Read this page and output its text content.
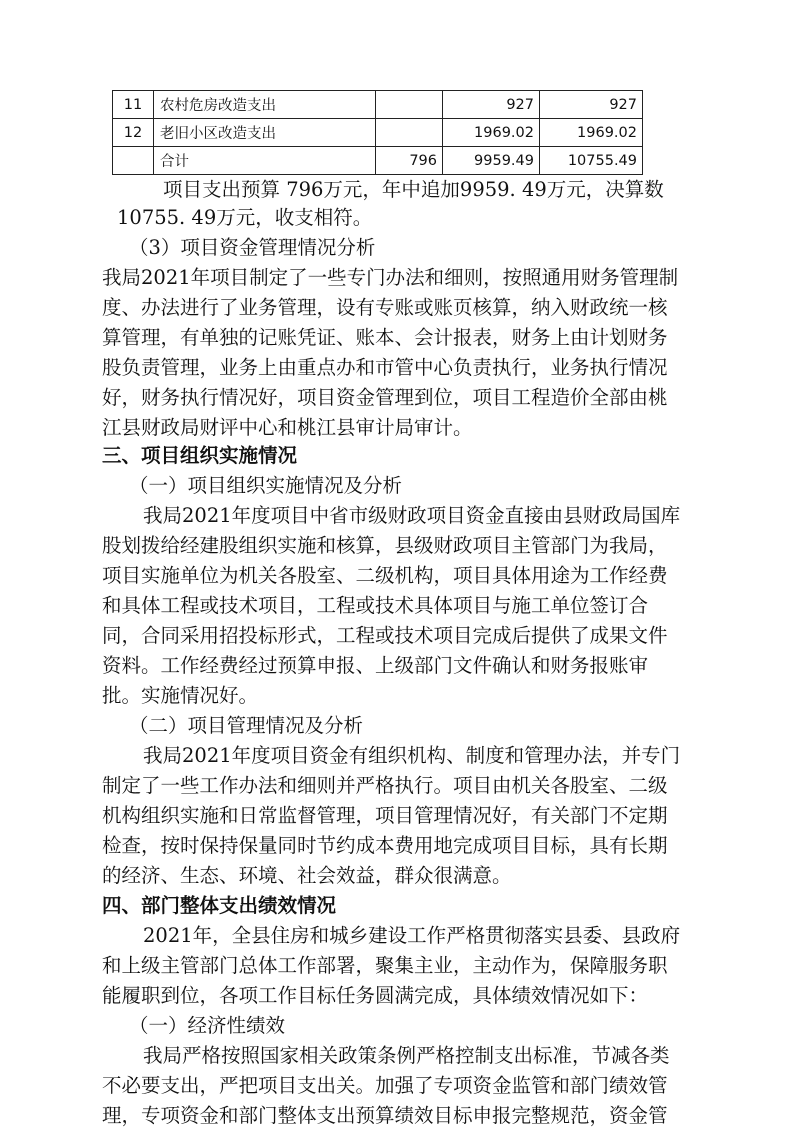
11	农村危房改造支出		927	927
12	老旧小区改造支出		1969.02	1969.02
	合计	796	9959.49	10755.49
项目支出预算 796万元，年中追加9959. 49万元，决算数
10755. 49万元，收支相符。
（3）项目资金管理情况分析
我局2021年项目制定了一些专门办法和细则，按照通用财务管理制
度、办法进行了业务管理，设有专账或账页核算，纳入财政统一核
算管理，有单独的记账凭证、账本、会计报表，财务上由计划财务
股负责管理，业务上由重点办和市管中心负责执行，业务执行情况
好，财务执行情况好，项目资金管理到位，项目工程造价全部由桃
江县财政局财评中心和桃江县审计局审计。
三、项目组织实施情况
（一）项目组织实施情况及分析
我局2021年度项目中省市级财政项目资金直接由县财政局国库
股划拨给经建股组织实施和核算，县级财政项目主管部门为我局，
项目实施单位为机关各股室、二级机构，项目具体用途为工作经费
和具体工程或技术项目，工程或技术具体项目与施工单位签订合
同，合同采用招投标形式，工程或技术项目完成后提供了成果文件
资料。工作经费经过预算申报、上级部门文件确认和财务报账审
批。实施情况好。
（二）项目管理情况及分析
我局2021年度项目资金有组织机构、制度和管理办法，并专门
制定了一些工作办法和细则并严格执行。项目由机关各股室、二级
机构组织实施和日常监督管理，项目管理情况好，有关部门不定期
检查，按时保持保量同时节约成本费用地完成项目目标，具有长期
的经济、生态、环境、社会效益，群众很满意。
四、部门整体支出绩效情况
2021年，全县住房和城乡建设工作严格贯彻落实县委、县政府
和上级主管部门总体工作部署，聚集主业，主动作为，保障服务职
能履职到位，各项工作目标任务圆满完成，具体绩效情况如下：
（一）经济性绩效
我局严格按照国家相关政策条例严格控制支出标准，节减各类
不必要支出，严把项目支出关。加强了专项资金监管和部门绩效管
理，专项资金和部门整体支出预算绩效目标申报完整规范，资金管
